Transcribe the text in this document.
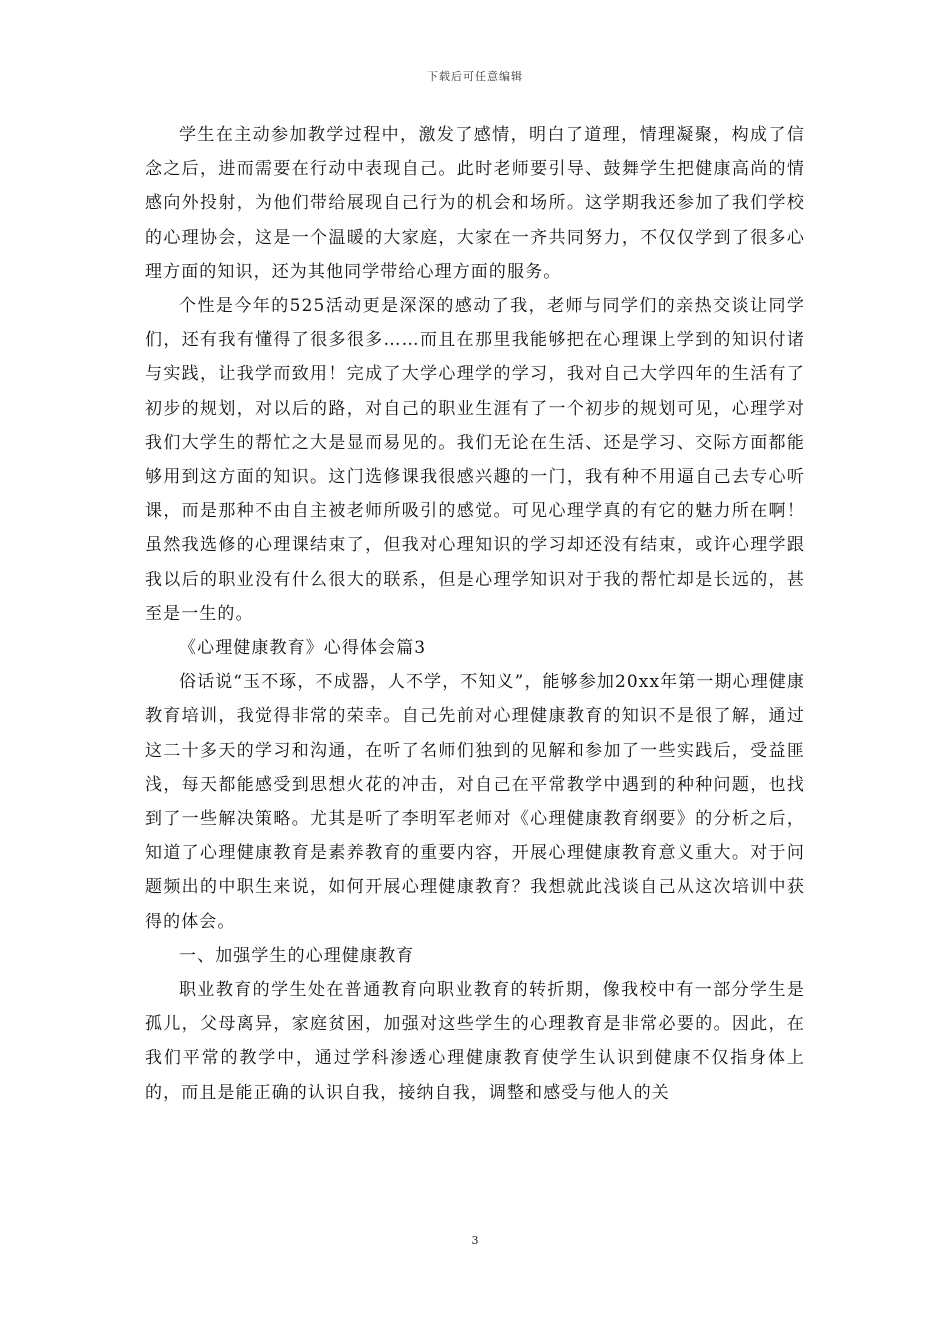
下载后可任意编辑

学生在主动参加教学过程中，激发了感情，明白了道理，情理凝聚，构成了信念之后，进而需要在行动中表现自己。此时老师要引导、鼓舞学生把健康高尚的情感向外投射，为他们带给展现自己行为的机会和场所。这学期我还参加了我们学校的心理协会，这是一个温暖的大家庭，大家在一齐共同努力，不仅仅学到了很多心理方面的知识，还为其他同学带给心理方面的服务。

个性是今年的525活动更是深深的感动了我，老师与同学们的亲热交谈让同学们，还有我有懂得了很多很多……而且在那里我能够把在心理课上学到的知识付诸与实践，让我学而致用！完成了大学心理学的学习，我对自己大学四年的生活有了初步的规划，对以后的路，对自己的职业生涯有了一个初步的规划可见，心理学对我们大学生的帮忙之大是显而易见的。我们无论在生活、还是学习、交际方面都能够用到这方面的知识。这门选修课我很感兴趣的一门，我有种不用逼自己去专心听课，而是那种不由自主被老师所吸引的感觉。可见心理学真的有它的魅力所在啊！虽然我选修的心理课结束了，但我对心理知识的学习却还没有结束，或许心理学跟我以后的职业没有什么很大的联系，但是心理学知识对于我的帮忙却是长远的，甚至是一生的。

《心理健康教育》心得体会篇3

俗话说“玉不琢，不成器，人不学，不知义”，能够参加20xx年第一期心理健康教育培训，我觉得非常的荣幸。自己先前对心理健康教育的知识不是很了解，通过这二十多天的学习和沟通，在听了名师们独到的见解和参加了一些实践后，受益匪浅，每天都能感受到思想火花的冲击，对自己在平常教学中遇到的种种问题，也找到了一些解决策略。尤其是听了李明军老师对《心理健康教育纲要》的分析之后，知道了心理健康教育是素养教育的重要内容，开展心理健康教育意义重大。对于问题频出的中职生来说，如何开展心理健康教育？我想就此浅谈自己从这次培训中获得的体会。

一、加强学生的心理健康教育

职业教育的学生处在普通教育向职业教育的转折期，像我校中有一部分学生是孤儿，父母离异，家庭贫困，加强对这些学生的心理教育是非常必要的。因此，在我们平常的教学中，通过学科渗透心理健康教育使学生认识到健康不仅指身体上的，而且是能正确的认识自我，接纳自我，调整和感受与他人的关

3
